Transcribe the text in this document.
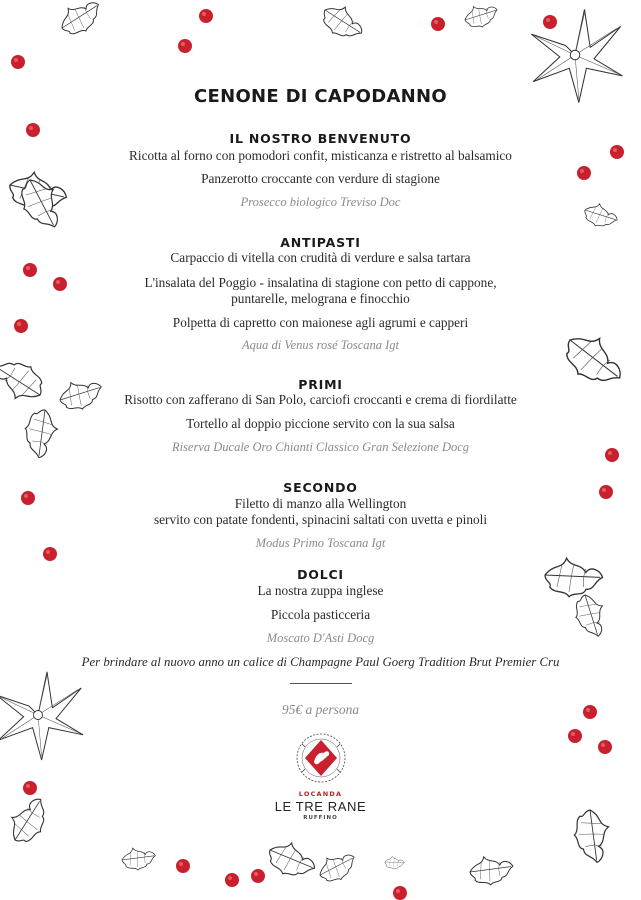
CENONE DI CAPODANNO
IL NOSTRO BENVENUTO
Ricotta al forno con pomodori confit, misticanza e ristretto al balsamico
Panzerotto croccante con verdure di stagione
Prosecco biologico Treviso Doc
ANTIPASTI
Carpaccio di vitella con crudità di verdure e salsa tartara
L'insalata del Poggio - insalatina di stagione con petto di cappone,
puntarelle, melograna e finocchio
Polpetta di capretto con maionese agli agrumi e capperi
Aqua di Venus rosé Toscana Igt
PRIMI
Risotto con zafferano di San Polo, carciofi croccanti e crema di fiordilatte
Tortello al doppio piccione servito con la sua salsa
Riserva Ducale Oro Chianti Classico Gran Selezione Docg
SECONDO
Filetto di manzo alla Wellington
servito con patate fondenti, spinacini saltati con uvetta e pinoli
Modus Primo Toscana Igt
DOLCI
La nostra zuppa inglese
Piccola pasticceria
Moscato D'Asti Docg
Per brindare al nuovo anno un calice di Champagne Paul Goerg Tradition Brut Premier Cru
95€ a persona
LOCANDA
LE TRE RANE
RUFFINO
